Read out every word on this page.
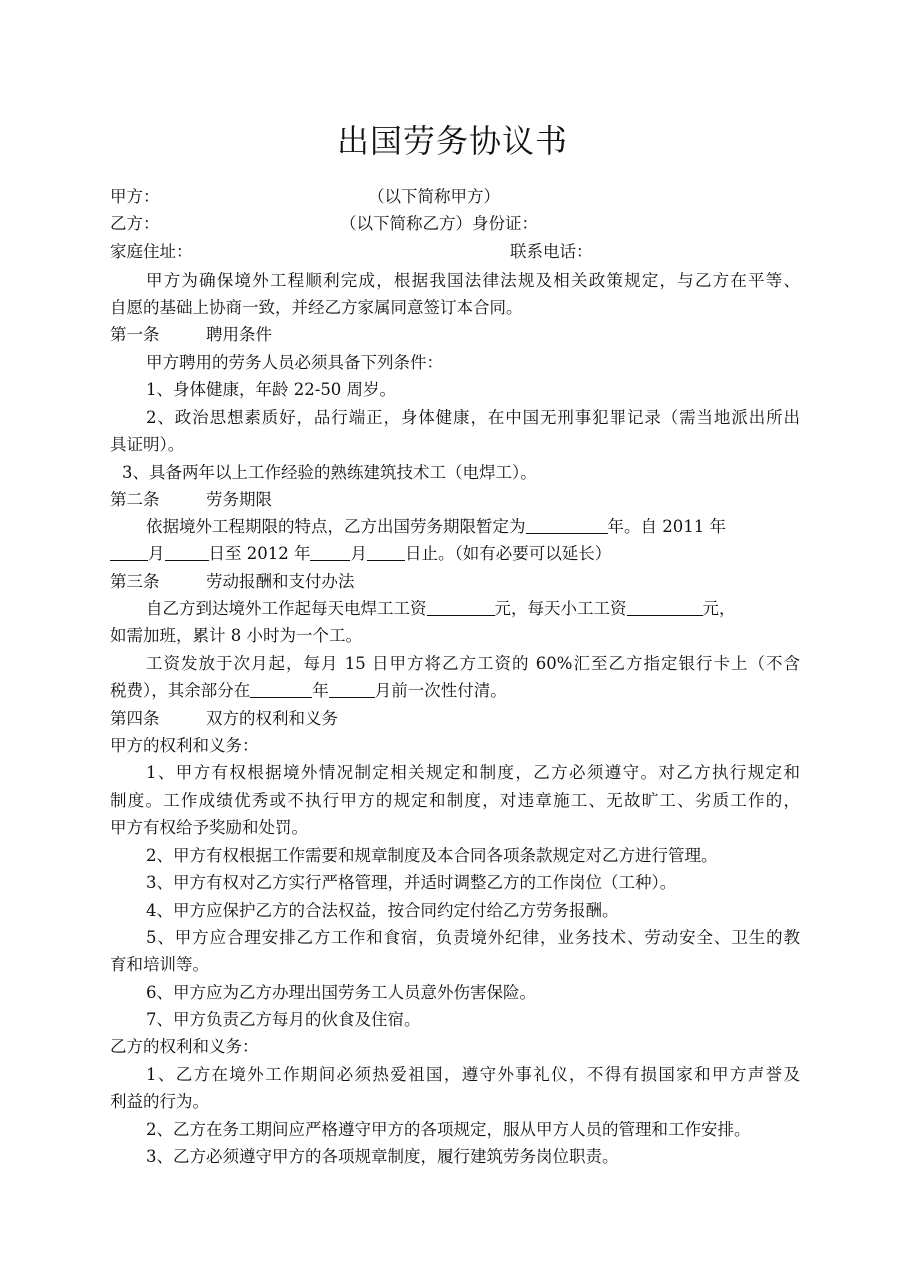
出国劳务协议书
甲方：	（以下简称甲方）
乙方：	（以下简称乙方）身份证：
家庭住址：	联系电话：
甲方为确保境外工程顺利完成，根据我国法律法规及相关政策规定，与乙方在平等、
自愿的基础上协商一致，并经乙方家属同意签订本合同。
第一条	聘用条件
甲方聘用的劳务人员必须具备下列条件：
1、身体健康，年龄 22-50 周岁。
2、政治思想素质好，品行端正，身体健康，在中国无刑事犯罪记录（需当地派出所出
具证明）。
3、具备两年以上工作经验的熟练建筑技术工（电焊工）。
第二条	劳务期限
依据境外工程期限的特点，乙方出国劳务期限暂定为	年。自 2011 年
月	日至 2012 年 月 日止。（如有必要可以延长）
第三条	劳动报酬和支付办法
自乙方到达境外工作起每天电焊工工资	元，每天小工工资	元，
如需加班，累计 8 小时为一个工。
工资发放于次月起，每月 15 日甲方将乙方工资的 60%汇至乙方指定银行卡上（不含
税费），其余部分在	年	月前一次性付清。
第四条	双方的权利和义务
甲方的权利和义务：
1、甲方有权根据境外情况制定相关规定和制度，乙方必须遵守。对乙方执行规定和
制度。工作成绩优秀或不执行甲方的规定和制度，对违章施工、无故旷工、劣质工作的，
甲方有权给予奖励和处罚。
2、甲方有权根据工作需要和规章制度及本合同各项条款规定对乙方进行管理。
3、甲方有权对乙方实行严格管理，并适时调整乙方的工作岗位（工种）。
4、甲方应保护乙方的合法权益，按合同约定付给乙方劳务报酬。
5、甲方应合理安排乙方工作和食宿，负责境外纪律，业务技术、劳动安全、卫生的教
育和培训等。
6、甲方应为乙方办理出国劳务工人员意外伤害保险。
7、甲方负责乙方每月的伙食及住宿。
乙方的权利和义务：
1、乙方在境外工作期间必须热爱祖国，遵守外事礼仪，不得有损国家和甲方声誉及
利益的行为。
2、乙方在务工期间应严格遵守甲方的各项规定，服从甲方人员的管理和工作安排。
3、乙方必须遵守甲方的各项规章制度，履行建筑劳务岗位职责。
